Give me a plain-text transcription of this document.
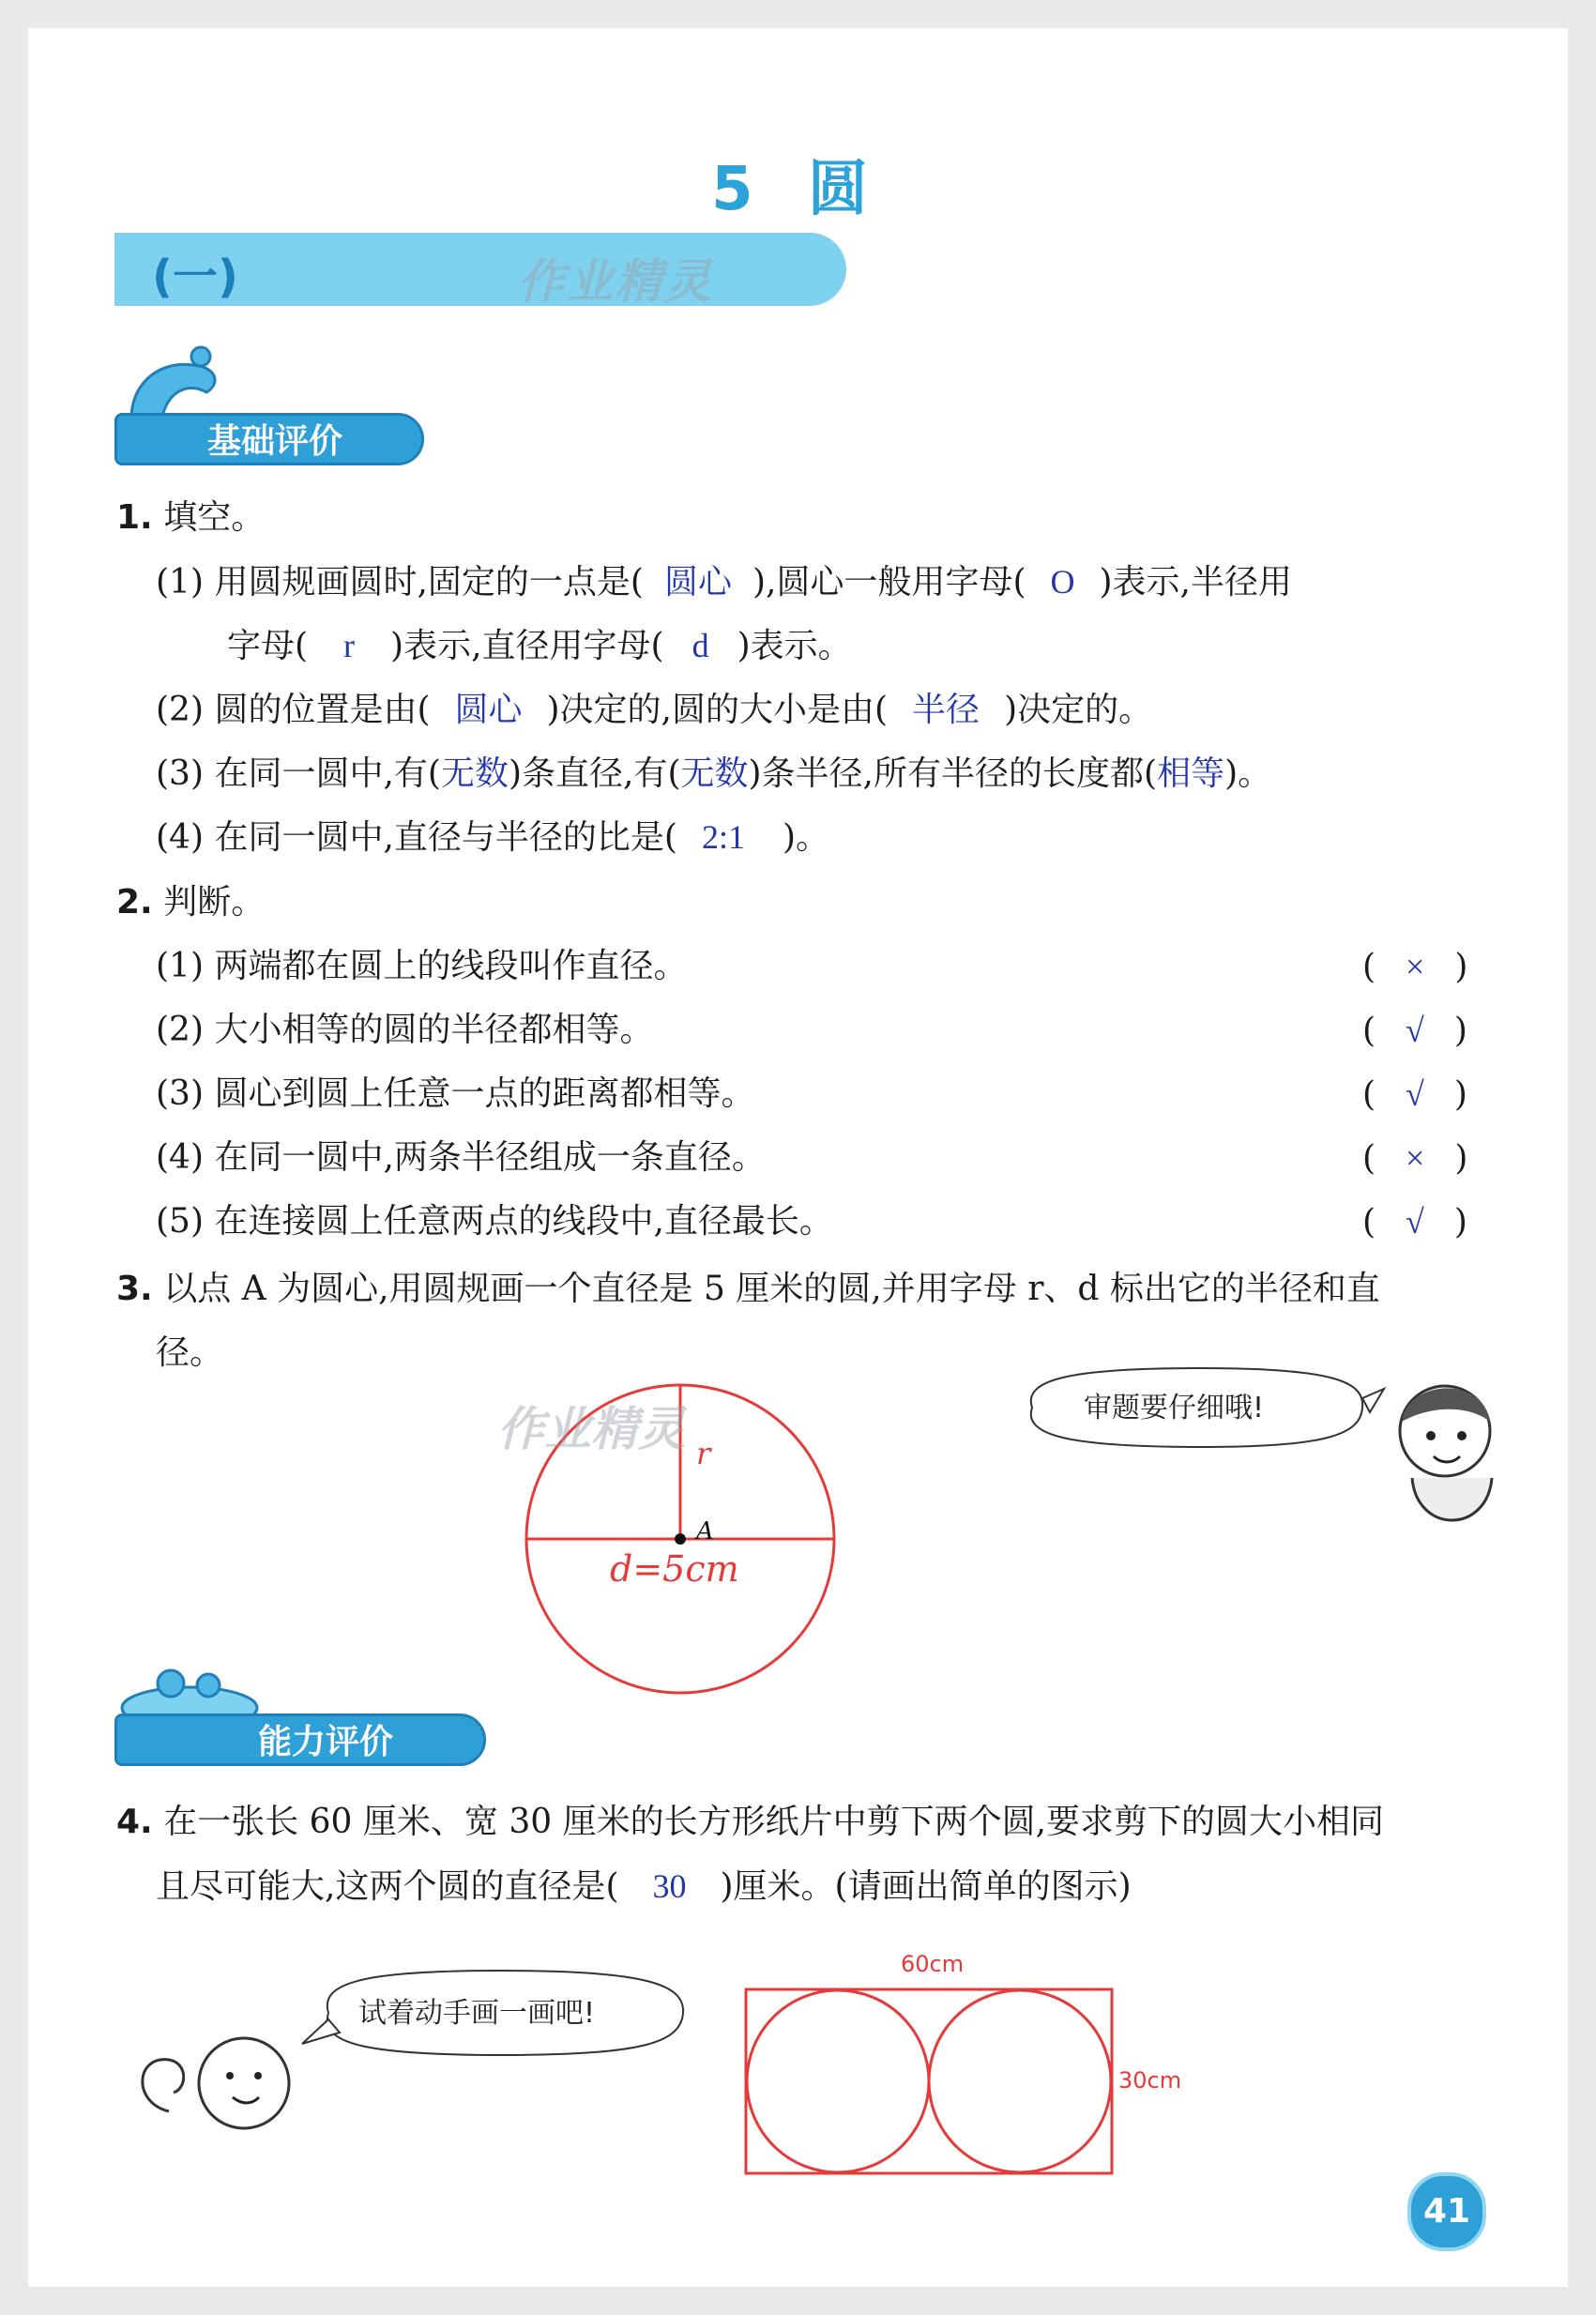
5 圆
(一)	作业精灵
基础评价
1. 填空。
(1) 用圆规画圆时,固定的一点是( 圆心 ),圆心一般用字母( O )表示,半径用
字母( r )表示,直径用字母( d )表示。
(2) 圆的位置是由( 圆心 )决定的,圆的大小是由( 半径 )决定的。
(3) 在同一圆中,有(无数)条直径,有(无数)条半径,所有半径的长度都(相等)。
(4) 在同一圆中,直径与半径的比是( 2:1 )。
2. 判断。
(1) 两端都在圆上的线段叫作直径。	( × )
(2) 大小相等的圆的半径都相等。	( √ )
(3) 圆心到圆上任意一点的距离都相等。	( √ )
(4) 在同一圆中,两条半径组成一条直径。	( × )
(5) 在连接圆上任意两点的线段中,直径最长。	( √ )
3. 以点 A 为圆心,用圆规画一个直径是 5 厘米的圆,并用字母 r、d 标出它的半径和直
径。
A
r
d=5cm
作业精灵	审题要仔细哦!
能力评价
4. 在一张长 60 厘米、宽 30 厘米的长方形纸片中剪下两个圆,要求剪下的圆大小相同
且尽可能大,这两个圆的直径是( 30 )厘米。(请画出简单的图示)
试着动手画一画吧!
60cm
30cm
41
